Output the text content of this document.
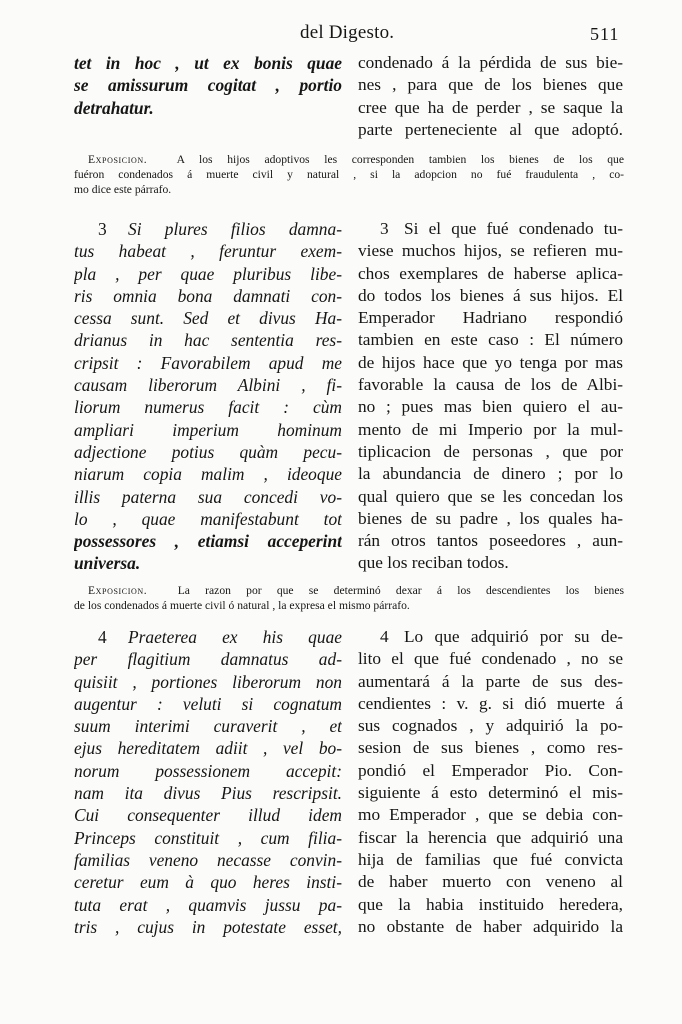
del Digesto.	511
tet in hoc , ut ex bonis quae
se amissurum cogitat , portio
detrahatur.
condenado á la pérdida de sus bie-
nes , para que de los bienes que
cree que ha de perder , se saque la
parte perteneciente al que adoptó.
Exposicion.	A los hijos adoptivos les corresponden tambien los bienes de los que
fuéron condenados á muerte civil y natural , si la adopcion no fué fraudulenta , co-
mo dice este párrafo.
3 Si plures filios damna-
tus habeat , feruntur exem-
pla , per quae pluribus libe-
ris omnia bona damnati con-
cessa sunt. Sed et divus Ha-
drianus in hac sententia res-
cripsit : Favorabilem apud me
causam liberorum Albini , fi-
liorum numerus facit : cùm
ampliari imperium hominum
adjectione potius quàm pecu-
niarum copia malim , ideoque
illis paterna sua concedi vo-
lo , quae manifestabunt tot
possessores , etiamsi acceperint
universa.
3 Si el que fué condenado tu-
viese muchos hijos, se refieren mu-
chos exemplares de haberse aplica-
do todos los bienes á sus hijos. El
Emperador Hadriano respondió
tambien en este caso : El número
de hijos hace que yo tenga por mas
favorable la causa de los de Albi-
no ; pues mas bien quiero el au-
mento de mi Imperio por la mul-
tiplicacion de personas , que por
la abundancia de dinero ; por lo
qual quiero que se les concedan los
bienes de su padre , los quales ha-
rán otros tantos poseedores , aun-
que los reciban todos.
Exposicion.	La razon por que se determinó dexar á los descendientes los bienes
de los condenados á muerte civil ó natural , la expresa el mismo párrafo.
4 Praeterea ex his quae
per flagitium damnatus ad-
quisiit , portiones liberorum non
augentur : veluti si cognatum
suum interimi curaverit , et
ejus hereditatem adiit , vel bo-
norum possessionem accepit:
nam ita divus Pius rescripsit.
Cui consequenter illud idem
Princeps constituit , cum filia-
familias veneno necasse convin-
ceretur eum à quo heres insti-
tuta erat , quamvis jussu pa-
tris , cujus in potestate esset,
4 Lo que adquirió por su de-
lito el que fué condenado , no se
aumentará á la parte de sus des-
cendientes : v. g. si dió muerte á
sus cognados , y adquirió la po-
sesion de sus bienes , como res-
pondió el Emperador Pio. Con-
siguiente á esto determinó el mis-
mo Emperador , que se debia con-
fiscar la herencia que adquirió una
hija de familias que fué convicta
de haber muerto con veneno al
que la habia instituido heredera,
no obstante de haber adquirido la
